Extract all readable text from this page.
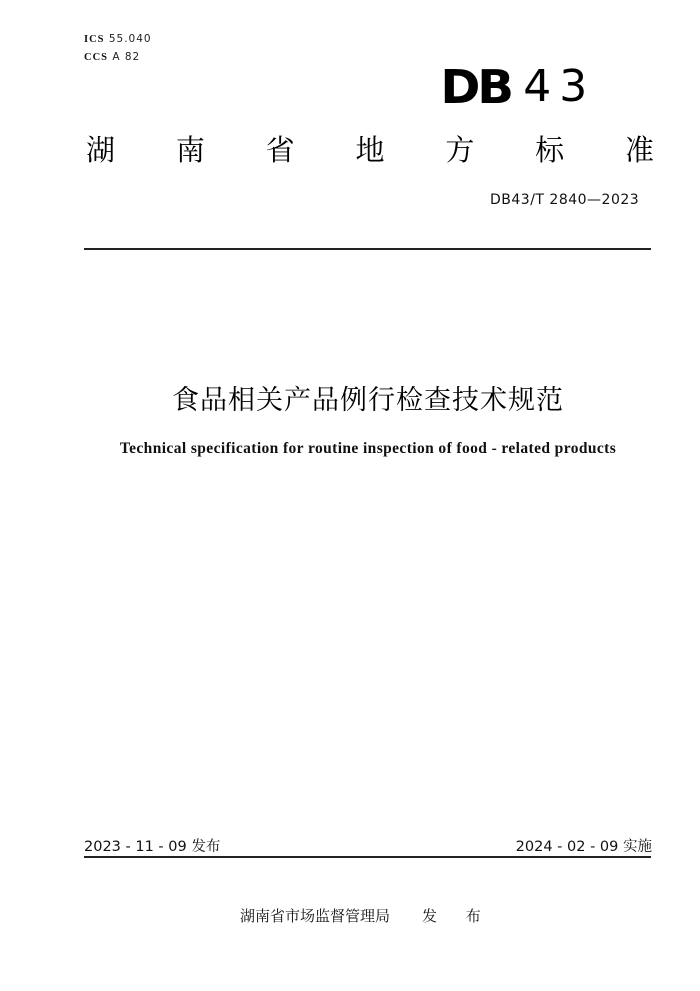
ICS 55.040
CCS A 82
DB 43
湖 南 省 地 方 标 准
DB43/T 2840—2023
食品相关产品例行检查技术规范
Technical specification for routine inspection of food - related products
2023 - 11 - 09 发布	2024 - 02 - 09 实施
湖南省市场监督管理局 发 布
